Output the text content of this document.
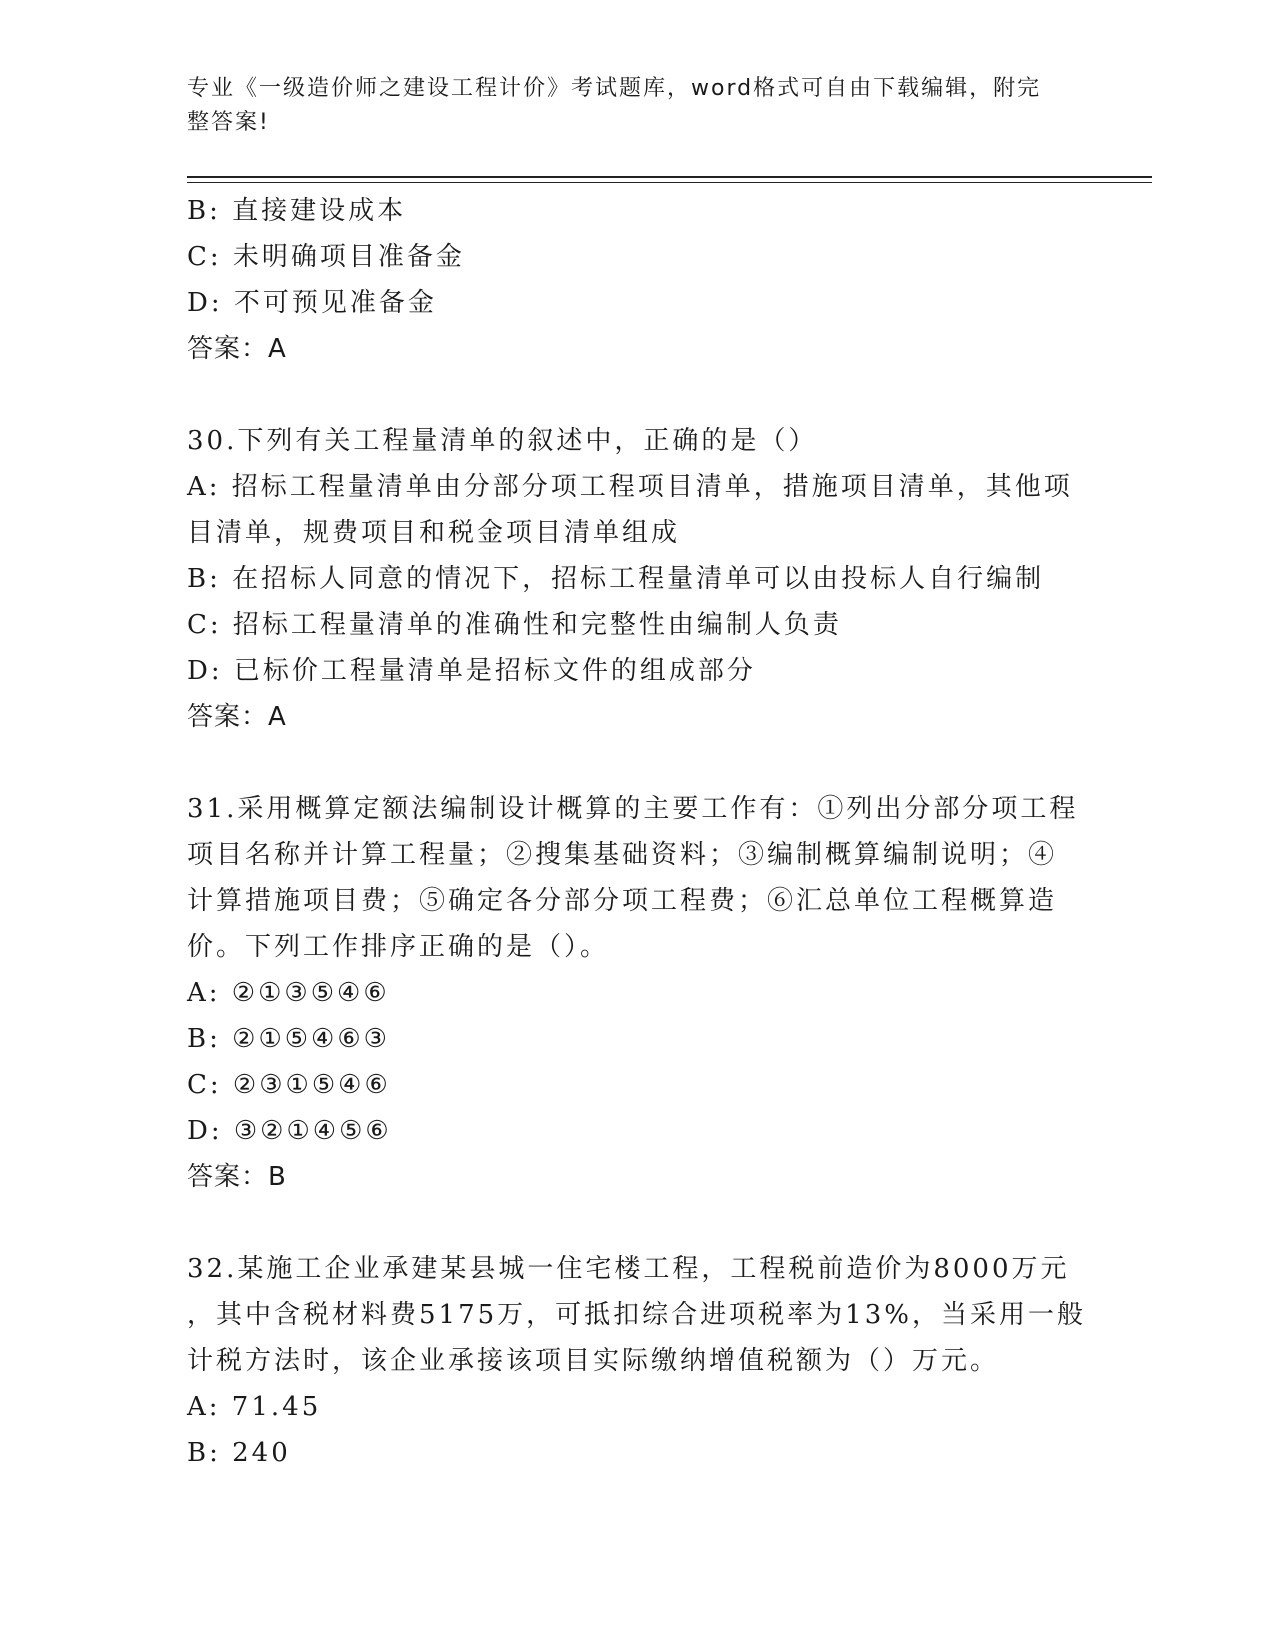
专业《一级造价师之建设工程计价》考试题库，word格式可自由下载编辑，附完
整答案!
B: 直接建设成本
C: 未明确项目准备金
D: 不可预见准备金
答案：A
30.下列有关工程量清单的叙述中，正确的是（）
A: 招标工程量清单由分部分项工程项目清单，措施项目清单，其他项
目清单，规费项目和税金项目清单组成
B: 在招标人同意的情况下，招标工程量清单可以由投标人自行编制
C: 招标工程量清单的准确性和完整性由编制人负责
D: 已标价工程量清单是招标文件的组成部分
答案：A
31.采用概算定额法编制设计概算的主要工作有：①列出分部分项工程
项目名称并计算工程量；②搜集基础资料；③编制概算编制说明；④
计算措施项目费；⑤确定各分部分项工程费；⑥汇总单位工程概算造
价。下列工作排序正确的是（）。
A: ②①③⑤④⑥
B: ②①⑤④⑥③
C: ②③①⑤④⑥
D: ③②①④⑤⑥
答案：B
32.某施工企业承建某县城一住宅楼工程，工程税前造价为8000万元
，其中含税材料费5175万，可抵扣综合进项税率为13%，当采用一般
计税方法时，该企业承接该项目实际缴纳增值税额为（）万元。
A: 71.45
B: 240
